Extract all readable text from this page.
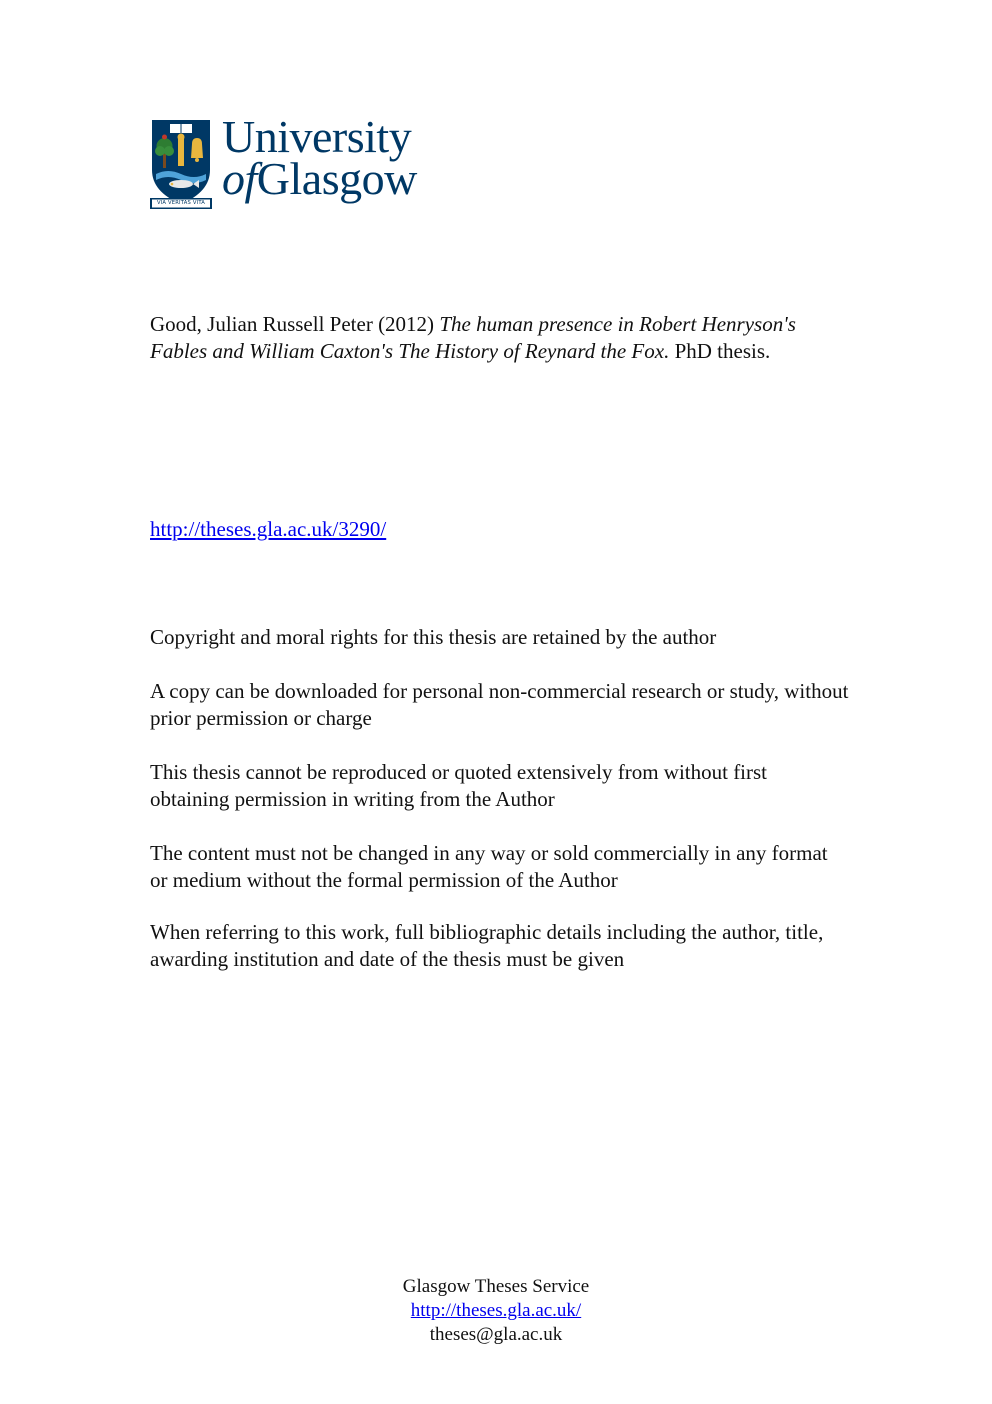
VIA VERITAS VITA
University
ofGlasgow
Good, Julian Russell Peter (2012) The human presence in Robert Henryson's Fables and William Caxton's The History of Reynard the Fox. PhD thesis.
http://theses.gla.ac.uk/3290/
Copyright and moral rights for this thesis are retained by the author
A copy can be downloaded for personal non-commercial research or study, without prior permission or charge
This thesis cannot be reproduced or quoted extensively from without first obtaining permission in writing from the Author
The content must not be changed in any way or sold commercially in any format or medium without the formal permission of the Author
When referring to this work, full bibliographic details including the author, title, awarding institution and date of the thesis must be given
Glasgow Theses Service
http://theses.gla.ac.uk/
theses@gla.ac.uk
